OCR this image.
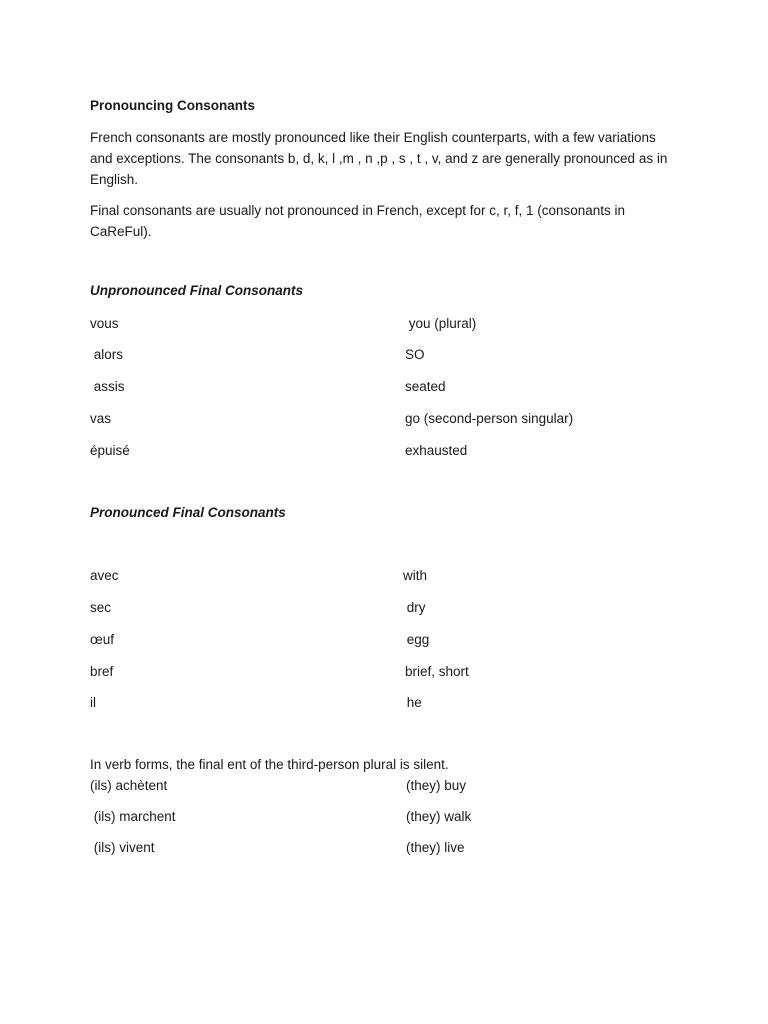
Pronouncing Consonants
French consonants are mostly pronounced like their English counterparts, with a few variations and exceptions. The consonants b, d, k, l ,m , n ,p , s , t , v, and z are generally pronounced as in English.
Final consonants are usually not pronounced in French, except for c, r, f, 1 (consonants in CaReFul).
Unpronounced Final Consonants
vous	you (plural)
alors	SO
assis	seated
vas	go (second-person singular)
épuisé	exhausted
Pronounced Final Consonants
avec	with
sec	dry
œuf	egg
bref	brief, short
il	he
In verb forms, the final ent of the third-person plural is silent.
(ils) achètent	(they) buy
(ils) marchent	(they) walk
(ils) vivent	(they) live
